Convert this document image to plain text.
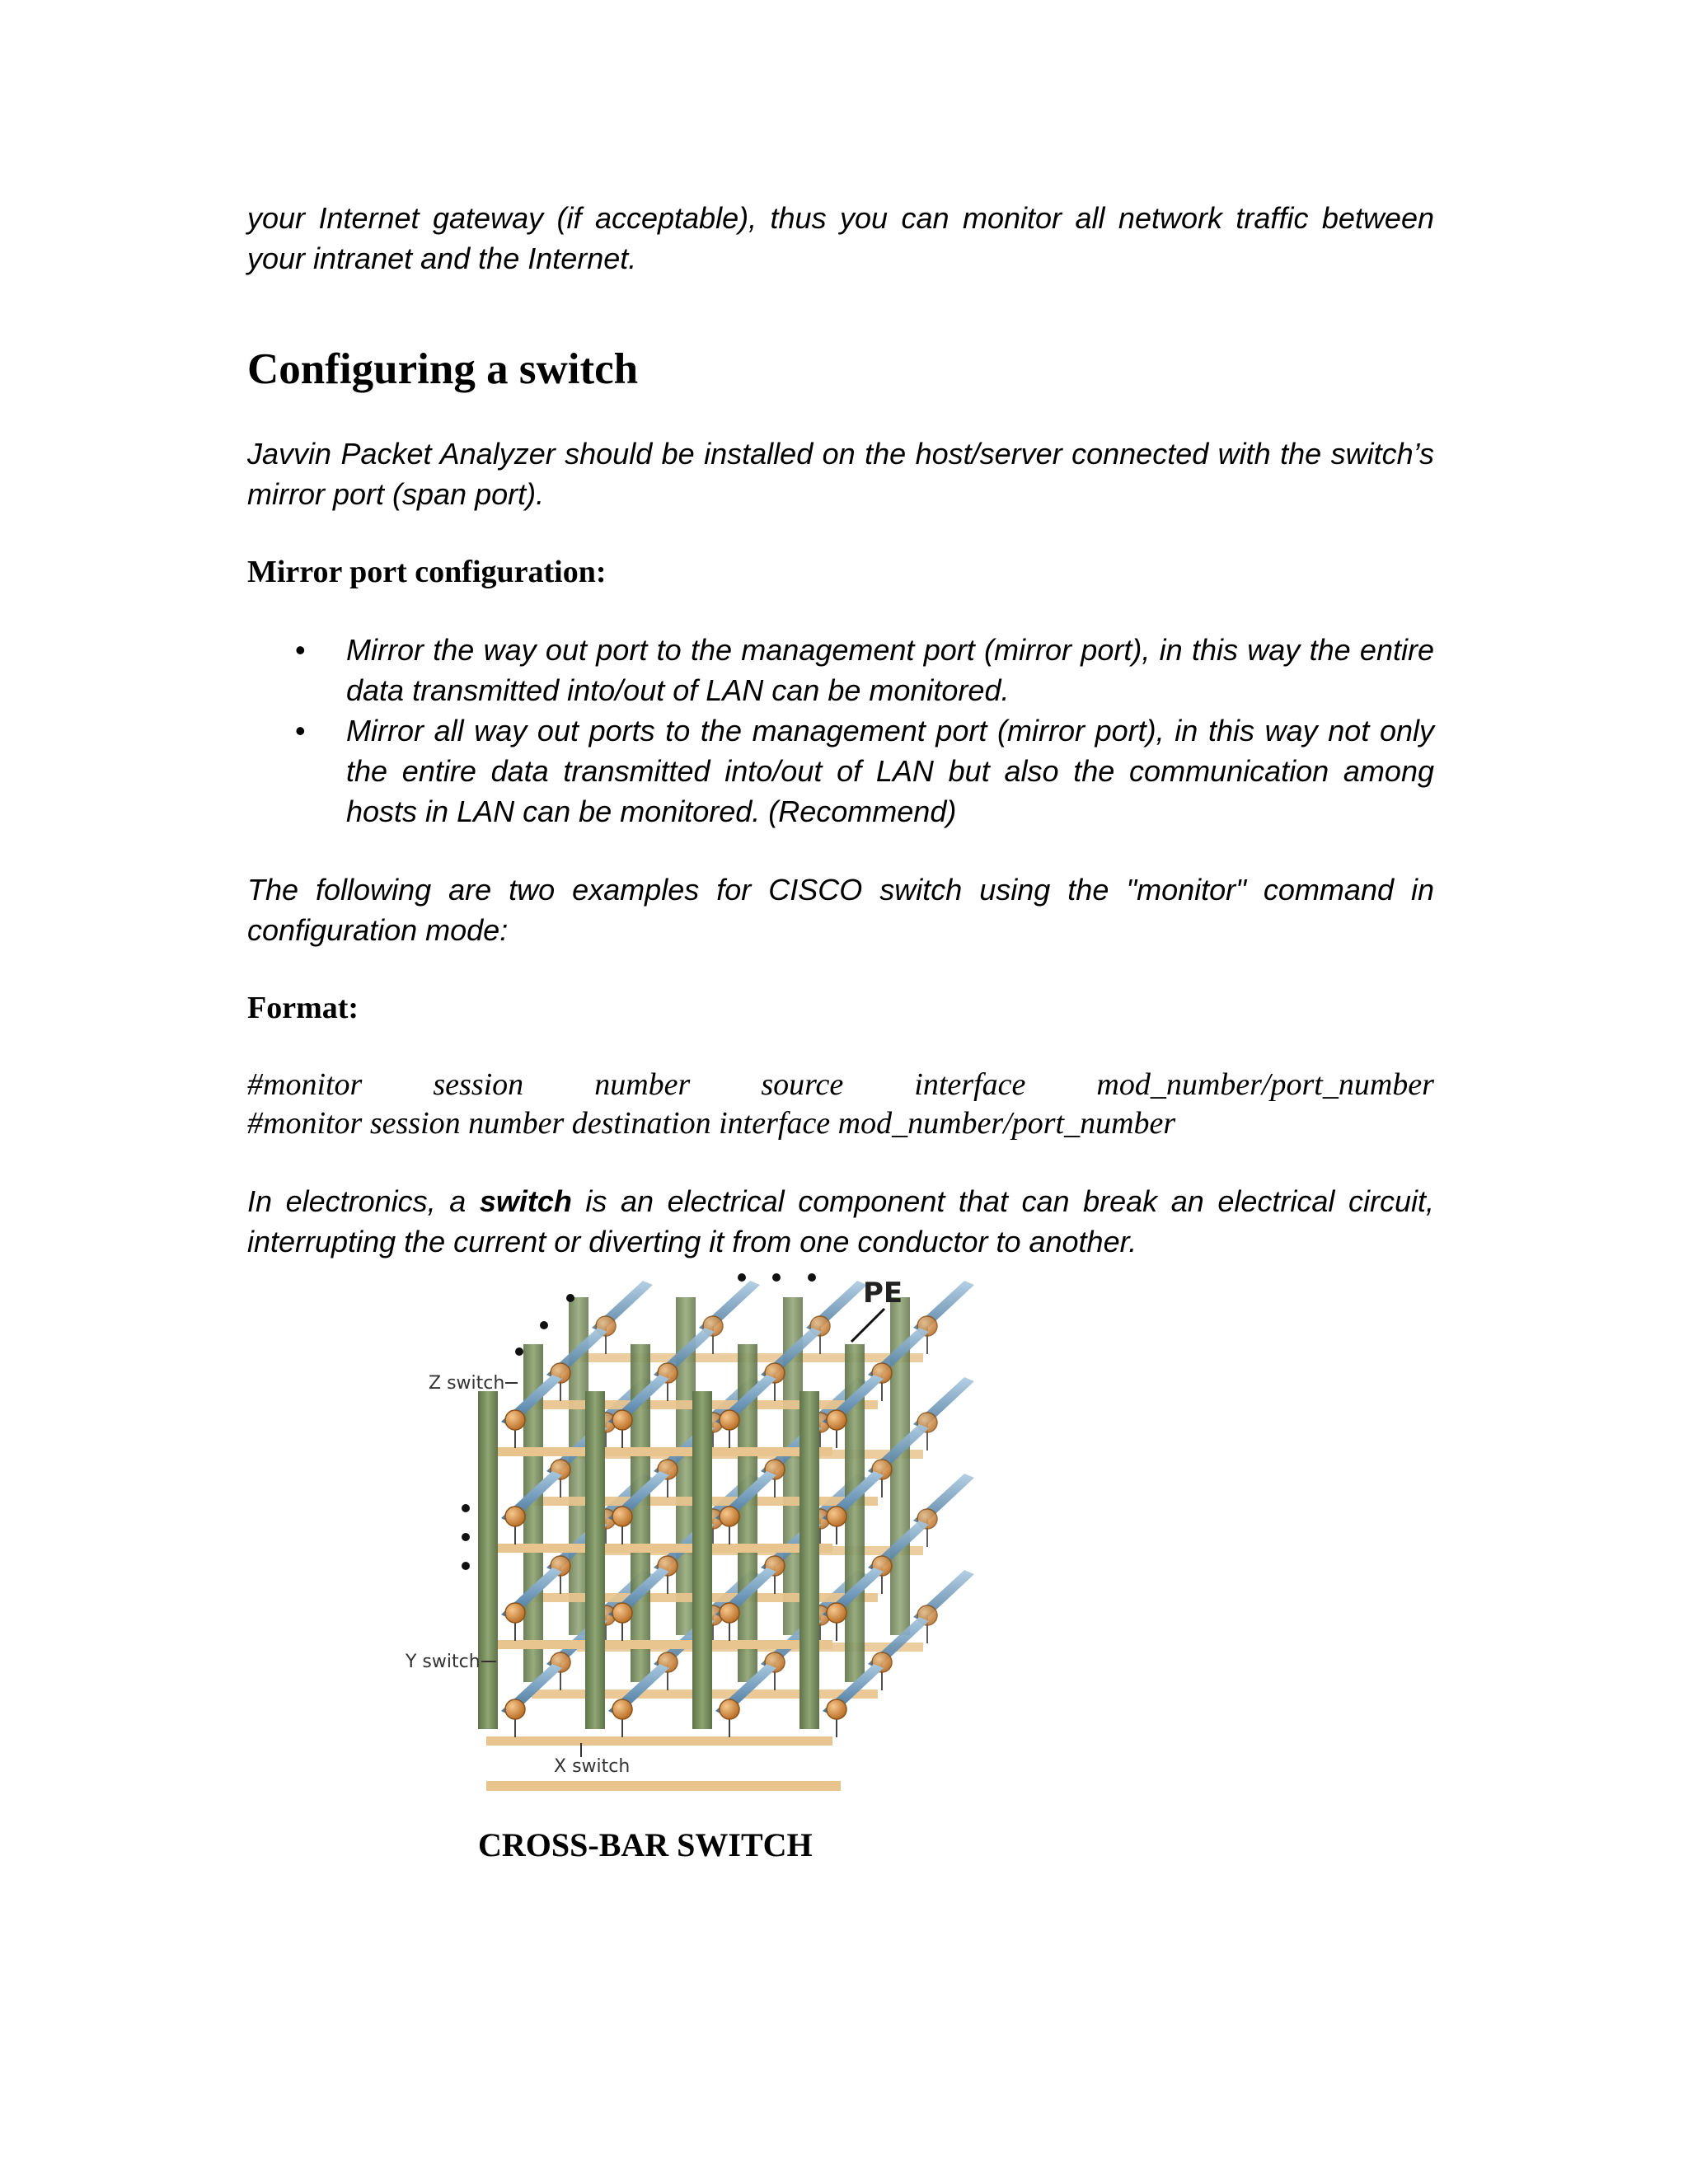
your Internet gateway (if acceptable), thus you can monitor all network traffic between your intranet and the Internet.

Configuring a switch

Javvin Packet Analyzer should be installed on the host/server connected with the switch’s mirror port (span port).

Mirror port configuration:
• Mirror the way out port to the management port (mirror port), in this way the entire data transmitted into/out of LAN can be monitored.
• Mirror all way out ports to the management port (mirror port), in this way not only the entire data transmitted into/out of LAN but also the communication among hosts in LAN can be monitored. (Recommend)

The following are two examples for CISCO switch using the "monitor" command in configuration mode:

Format:
#monitor session number source interface mod_number/port_number
#monitor session number destination interface mod_number/port_number

In electronics, a switch is an electrical component that can break an electrical circuit, interrupting the current or diverting it from one conductor to another.

Z switch
Y switch
X switch
PE
CROSS-BAR SWITCH
